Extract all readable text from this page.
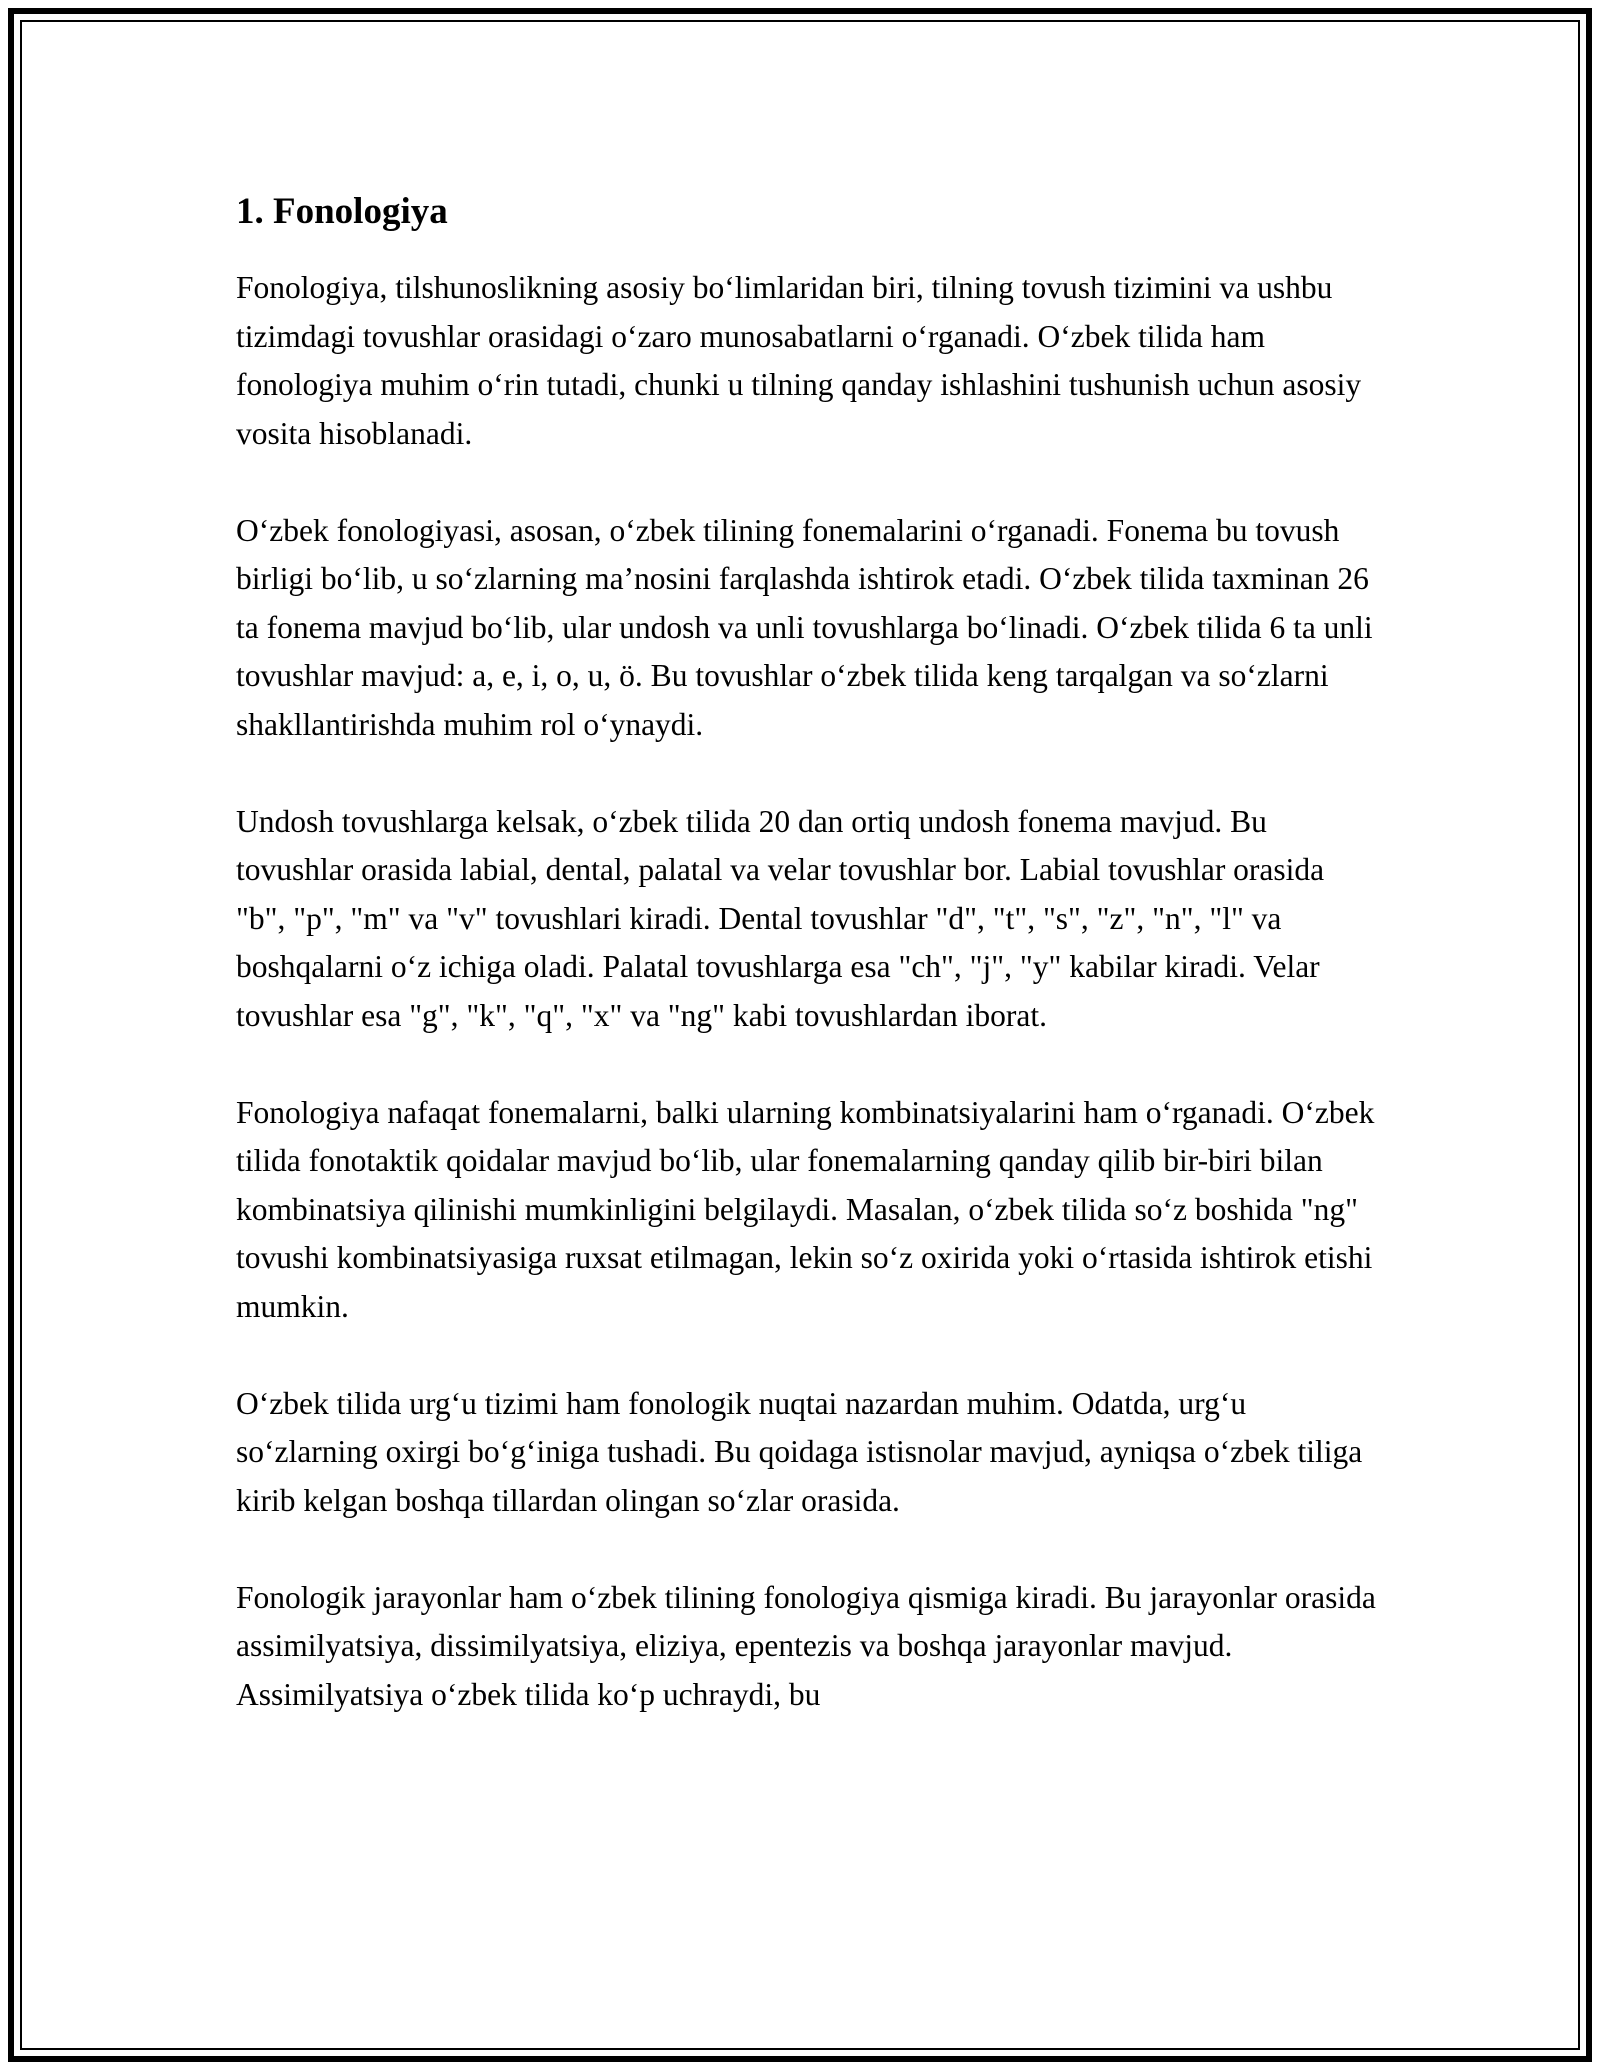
1. Fonologiya

Fonologiya, tilshunoslikning asosiy bo‘limlaridan biri, tilning tovush tizimini va ushbu tizimdagi tovushlar orasidagi o‘zaro munosabatlarni o‘rganadi. O‘zbek tilida ham fonologiya muhim o‘rin tutadi, chunki u tilning qanday ishlashini tushunish uchun asosiy vosita hisoblanadi.

O‘zbek fonologiyasi, asosan, o‘zbek tilining fonemalarini o‘rganadi. Fonema bu tovush birligi bo‘lib, u so‘zlarning ma’nosini farqlashda ishtirok etadi. O‘zbek tilida taxminan 26 ta fonema mavjud bo‘lib, ular undosh va unli tovushlarga bo‘linadi. O‘zbek tilida 6 ta unli tovushlar mavjud: a, e, i, o, u, ö. Bu tovushlar o‘zbek tilida keng tarqalgan va so‘zlarni shakllantirishda muhim rol o‘ynaydi.

Undosh tovushlarga kelsak, o‘zbek tilida 20 dan ortiq undosh fonema mavjud. Bu tovushlar orasida labial, dental, palatal va velar tovushlar bor. Labial tovushlar orasida "b", "p", "m" va "v" tovushlari kiradi. Dental tovushlar "d", "t", "s", "z", "n", "l" va boshqalarni o‘z ichiga oladi. Palatal tovushlarga esa "ch", "j", "y" kabilar kiradi. Velar tovushlar esa "g", "k", "q", "x" va "ng" kabi tovushlardan iborat.

Fonologiya nafaqat fonemalarni, balki ularning kombinatsiyalarini ham o‘rganadi. O‘zbek tilida fonotaktik qoidalar mavjud bo‘lib, ular fonemalarning qanday qilib bir-biri bilan kombinatsiya qilinishi mumkinligini belgilaydi. Masalan, o‘zbek tilida so‘z boshida "ng" tovushi kombinatsiyasiga ruxsat etilmagan, lekin so‘z oxirida yoki o‘rtasida ishtirok etishi mumkin.

O‘zbek tilida urg‘u tizimi ham fonologik nuqtai nazardan muhim. Odatda, urg‘u so‘zlarning oxirgi bo‘g‘iniga tushadi. Bu qoidaga istisnolar mavjud, ayniqsa o‘zbek tiliga kirib kelgan boshqa tillardan olingan so‘zlar orasida.

Fonologik jarayonlar ham o‘zbek tilining fonologiya qismiga kiradi. Bu jarayonlar orasida assimilyatsiya, dissimilyatsiya, eliziya, epentezis va boshqa jarayonlar mavjud. Assimilyatsiya o‘zbek tilida ko‘p uchraydi, bu
